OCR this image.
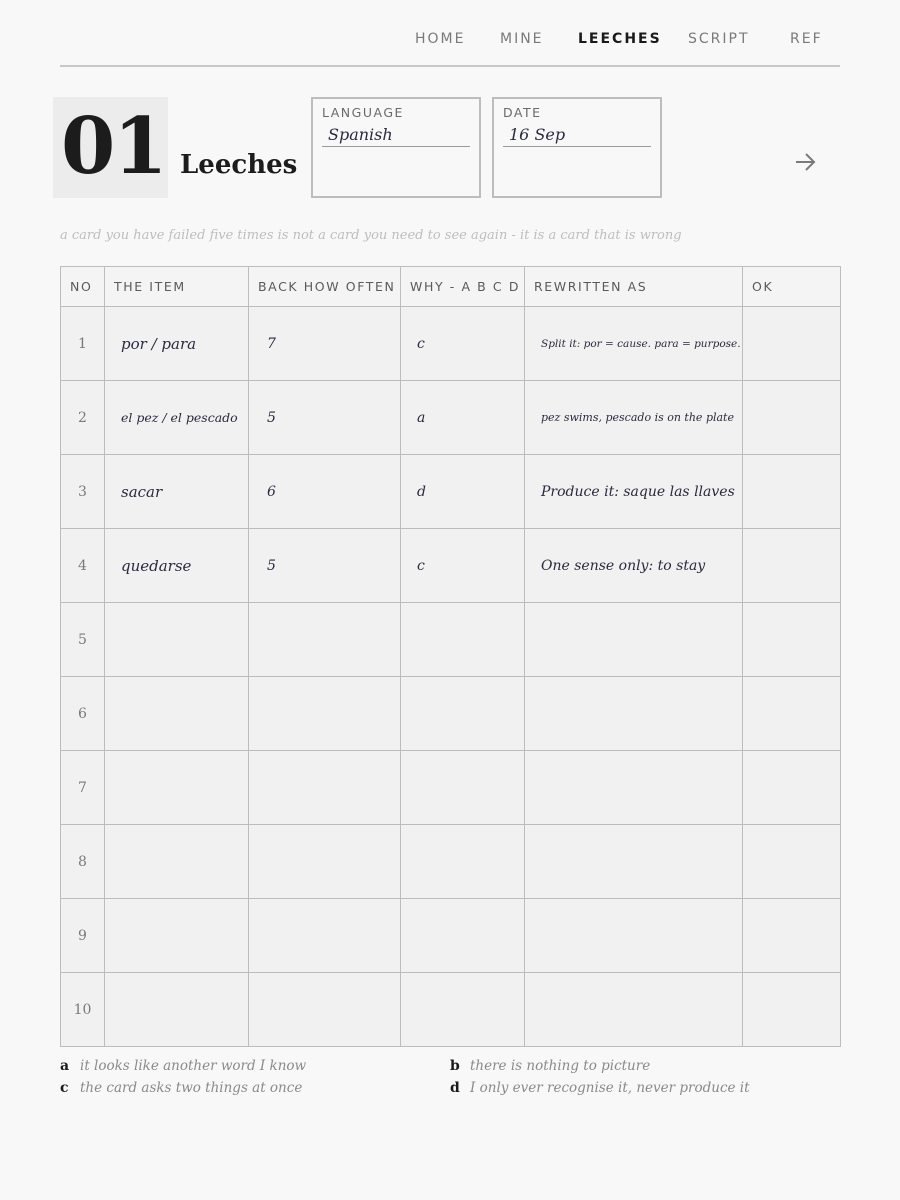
HOME MINE LEECHES SCRIPT	REF
01 Leeches
LANGUAGE
Spanish
DATE
16 Sep
a card you have failed five times is not a card you need to see again - it is a card that is wrong
NO	THE ITEM	BACK HOW OFTEN	WHY - A B C D	REWRITTEN AS	OK
1	por / para	7	c	Split it: por = cause. para = purpose.	

2	el pez / el pescado	5	a	pez swims, pescado is on the plate	

3	sacar	6	d	Produce it: saque las llaves	

4	quedarse	5	c	One sense only: to stay	

5					
6					
7					
8					
9					
10					
a it looks like another word I know	b there is nothing to picture
c the card asks two things at once	d I only ever recognise it, never produce it
